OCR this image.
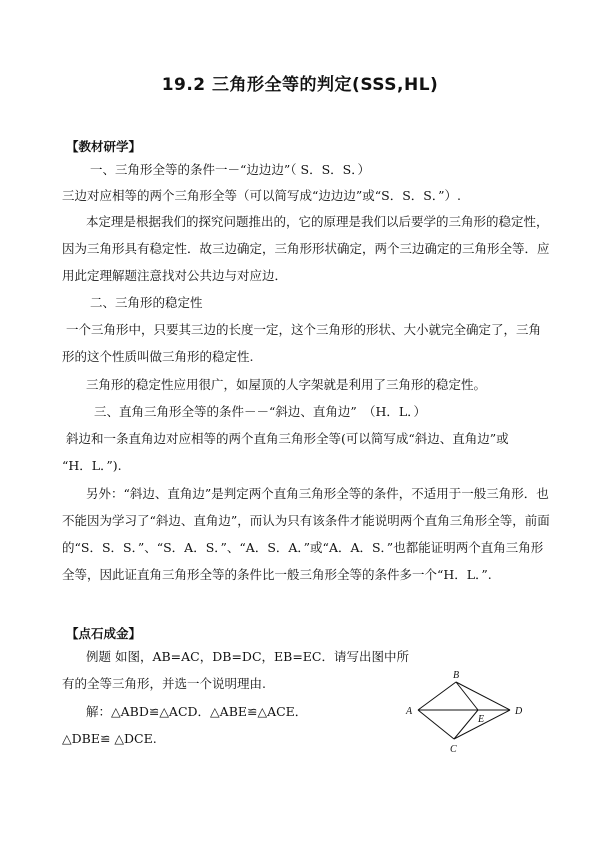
19.2 三角形全等的判定(SSS,HL)
【教材研学】
一、三角形全等的条件一－“边边边”（ S．S．S．）
三边对应相等的两个三角形全等（可以简写成“边边边”或“S．S．S．”）.
本定理是根据我们的探究问题推出的，它的原理是我们以后要学的三角形的稳定性，
因为三角形具有稳定性．故三边确定，三角形形状确定，两个三边确定的三角形全等．应
用此定理解题注意找对公共边与对应边．
二、三角形的稳定性
一个三角形中，只要其三边的长度一定，这个三角形的形状、大小就完全确定了，三角
形的这个性质叫做三角形的稳定性.
三角形的稳定性应用很广，如屋顶的人字架就是利用了三角形的稳定性。
三、直角三角形全等的条件－－“斜边、直角边”　（H．L．）
斜边和一条直角边对应相等的两个直角三角形全等(可以简写成“斜边、直角边”或
“H．L．”).
另外：“斜边、直角边”是判定两个直角三角形全等的条件，不适用于一般三角形．也
不能因为学习了“斜边、直角边”，而认为只有该条件才能说明两个直角三角形全等，前面
的“S．S．S．”、“S．A．S．”、“A．S．A．”或“A．A．S．”也都能证明两个直角三角形
全等，因此证直角三角形全等的条件比一般三角形全等的条件多一个“H．L．”.
【点石成金】
例题 如图，AB=AC，DB=DC，EB=EC．请写出图中所
有的全等三角形，并选一个说明理由.
解：△ABD≌△ACD．△ABE≌△ACE．
△DBE≌ △DCE.
A
B
C
D
E
